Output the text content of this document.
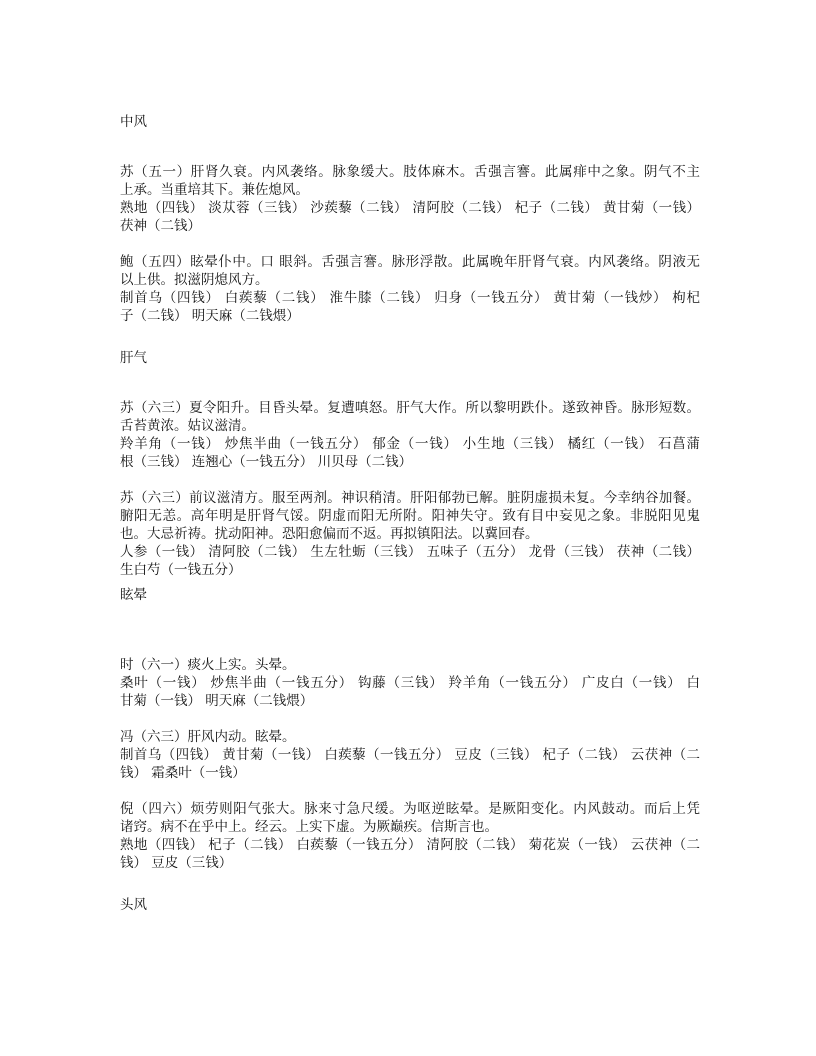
中风
苏（五一）肝肾久衰。内风袭络。脉象缓大。肢体麻木。舌强言謇。此属痱中之象。阴气不主
上承。当重培其下。兼佐熄风。
熟地（四钱） 淡苁蓉（三钱） 沙蒺藜（二钱） 清阿胶（二钱） 杞子（二钱） 黄甘菊（一钱）
茯神（二钱）
鲍（五四）眩晕仆中。口 眼斜。舌强言謇。脉形浮散。此属晚年肝肾气衰。内风袭络。阴液无
以上供。拟滋阴熄风方。
制首乌（四钱） 白蒺藜（二钱） 淮牛膝（二钱） 归身（一钱五分） 黄甘菊（一钱炒） 枸杞
子（二钱） 明天麻（二钱煨）
肝气
苏（六三）夏令阳升。目昏头晕。复遭嗔怒。肝气大作。所以黎明跌仆。遂致神昏。脉形短数。
舌苔黄浓。姑议滋清。
羚羊角（一钱） 炒焦半曲（一钱五分） 郁金（一钱） 小生地（三钱） 橘红（一钱） 石菖蒲
根（三钱） 连翘心（一钱五分） 川贝母（二钱）
苏（六三）前议滋清方。服至两剂。神识稍清。肝阳郁勃已解。脏阴虚损未复。今幸纳谷加餐。
腑阳无恙。高年明是肝肾气馁。阴虚而阳无所附。阳神失守。致有目中妄见之象。非脱阳见鬼
也。大忌祈祷。扰动阳神。恐阳愈偏而不返。再拟镇阳法。以冀回春。
人参（一钱） 清阿胶（二钱） 生左牡蛎（三钱） 五味子（五分） 龙骨（三钱） 茯神（二钱）
生白芍（一钱五分）
眩晕
时（六一）痰火上实。头晕。
桑叶（一钱） 炒焦半曲（一钱五分） 钩藤（三钱） 羚羊角（一钱五分） 广皮白（一钱） 白
甘菊（一钱） 明天麻（二钱煨）
冯（六三）肝风内动。眩晕。
制首乌（四钱） 黄甘菊（一钱） 白蒺藜（一钱五分） 豆皮（三钱） 杞子（二钱） 云茯神（二
钱） 霜桑叶（一钱）
倪（四六）烦劳则阳气张大。脉来寸急尺缓。为呕逆眩晕。是厥阳变化。内风鼓动。而后上凭
诸窍。病不在乎中上。经云。上实下虚。为厥巅疾。信斯言也。
熟地（四钱） 杞子（二钱） 白蒺藜（一钱五分） 清阿胶（二钱） 菊花炭（一钱） 云茯神（二
钱） 豆皮（三钱）
头风
